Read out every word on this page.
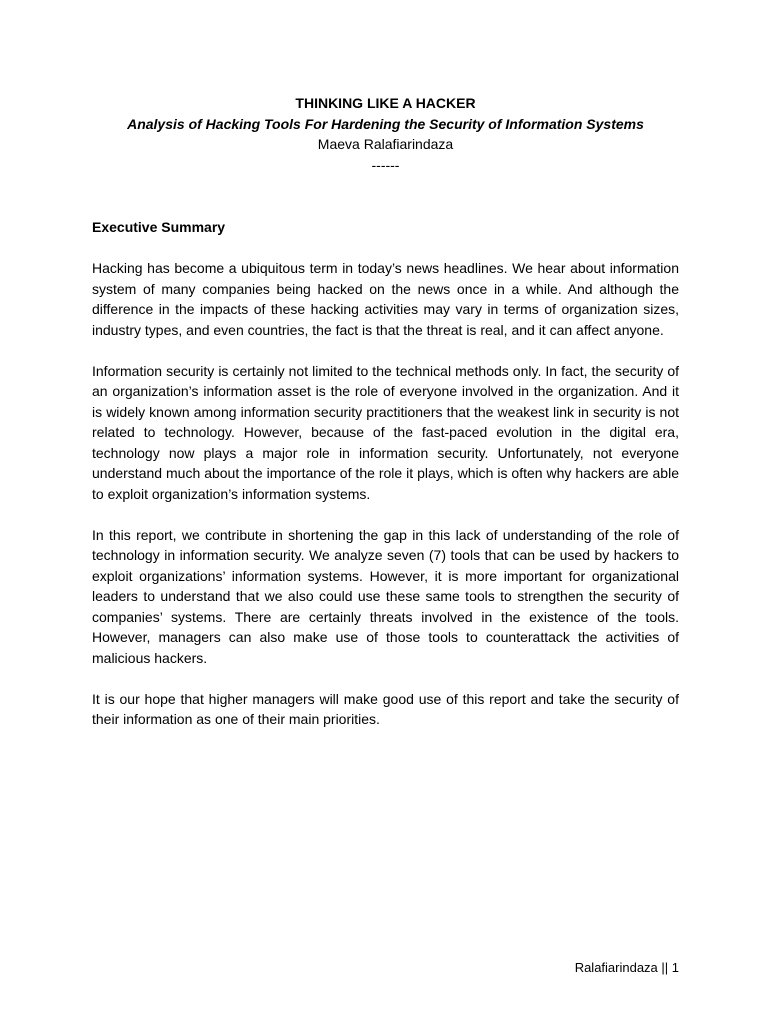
THINKING LIKE A HACKER
Analysis of Hacking Tools For Hardening the Security of Information Systems
Maeva Ralafiarindaza
------
Executive Summary

Hacking has become a ubiquitous term in today’s news headlines. We hear about information system of many companies being hacked on the news once in a while. And although the difference in the impacts of these hacking activities may vary in terms of organization sizes, industry types, and even countries, the fact is that the threat is real, and it can affect anyone.

Information security is certainly not limited to the technical methods only. In fact, the security of an organization’s information asset is the role of everyone involved in the organization. And it is widely known among information security practitioners that the weakest link in security is not related to technology. However, because of the fast-paced evolution in the digital era, technology now plays a major role in information security. Unfortunately, not everyone understand much about the importance of the role it plays, which is often why hackers are able to exploit organization’s information systems.

In this report, we contribute in shortening the gap in this lack of understanding of the role of technology in information security. We analyze seven (7) tools that can be used by hackers to exploit organizations’ information systems. However, it is more important for organizational leaders to understand that we also could use these same tools to strengthen the security of companies’ systems. There are certainly threats involved in the existence of the tools. However, managers can also make use of those tools to counterattack the activities of malicious hackers.

It is our hope that higher managers will make good use of this report and take the security of their information as one of their main priorities.

Ralafiarindaza || 1
